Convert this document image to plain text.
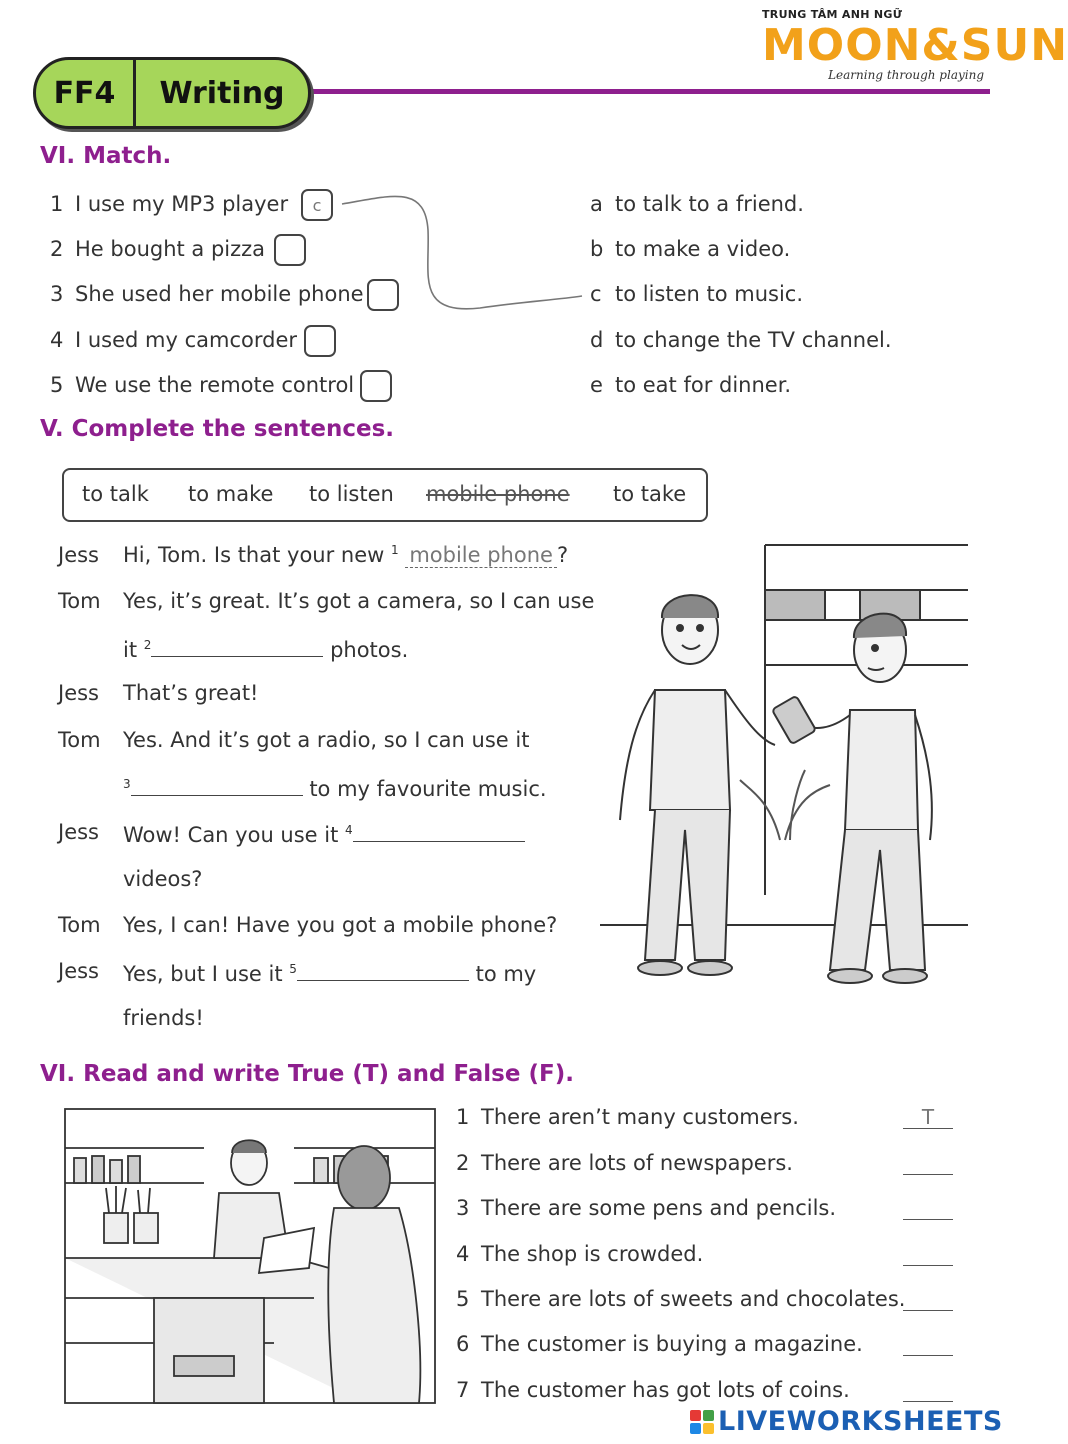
FF4	Writing
TRUNG TÂM ANH NGỮ
MOON&SUN
Learning through playing
VI. Match.
1 I use my MP3 player	c
2 He bought a pizza
3 She used her mobile phone
4 I used my camcorder
5 We use the remote control
a to talk to a friend.
b to make a video.
c to listen to music.
d to change the TV channel.
e to eat for dinner.
V. Complete the sentences.
to talk to make to listen mobile phone to take
Jess Hi, Tom. Is that your new $^1$ mobile phone ?
Tom Yes, it’s great. It’s got a camera, so I can use
it $^2$	photos.
Jess That’s great!
Tom Yes. And it’s got a radio, so I can use it
$^3$	to my favourite music.
Jess Wow! Can you use it $^4$
videos?
Tom Yes, I can! Have you got a mobile phone?
Jess Yes, but I use it $^5$	to my
friends!
VI. Read and write True (T) and False (F).
1 There aren’t many customers.	T
2 There are lots of newspapers.
3 There are some pens and pencils.
4 The shop is crowded.
5 There are lots of sweets and chocolates.
6 The customer is buying a magazine.
7 The customer has got lots of coins.
LIVEWORKSHEETS
